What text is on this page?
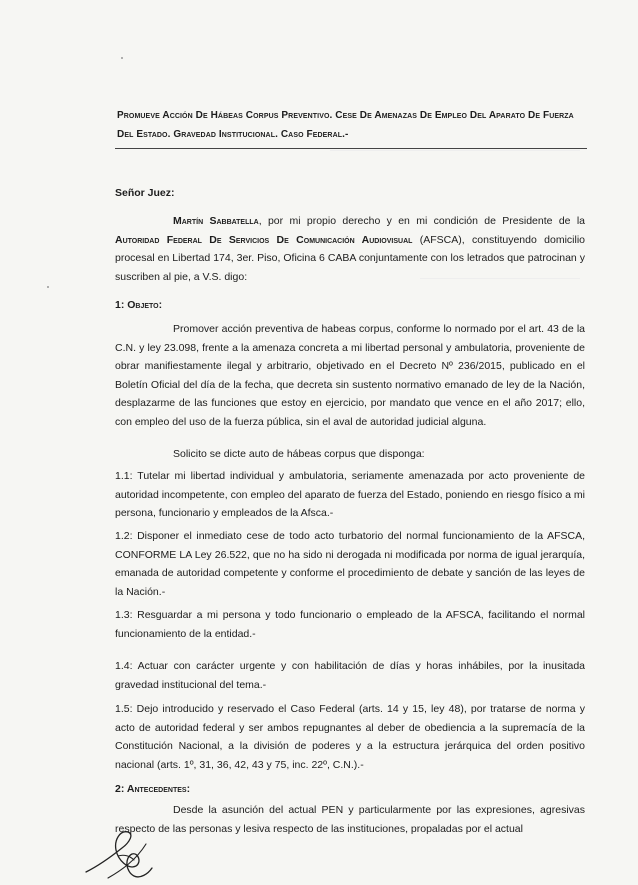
Promueve Acción De Hábeas Corpus Preventivo. Cese De Amenazas De Empleo Del Aparato De Fuerza Del Estado. Gravedad Institucional. Caso Federal.-
Señor Juez:
Martín Sabbatella, por mi propio derecho y en mi condición de Presidente de la Autoridad Federal De Servicios De Comunicación Audiovisual (AFSCA), constituyendo domicilio procesal en Libertad 174, 3er. Piso, Oficina 6 CABA conjuntamente con los letrados que patrocinan y suscriben al pie, a V.S. digo:
1: Objeto:
Promover acción preventiva de habeas corpus, conforme lo normado por el art. 43 de la C.N. y ley 23.098, frente a la amenaza concreta a mi libertad personal y ambulatoria, proveniente de obrar manifiestamente ilegal y arbitrario, objetivado en el Decreto Nº 236/2015, publicado en el Boletín Oficial del día de la fecha, que decreta sin sustento normativo emanado de ley de la Nación, desplazarme de las funciones que estoy en ejercicio, por mandato que vence en el año 2017; ello, con empleo del uso de la fuerza pública, sin el aval de autoridad judicial alguna.
Solicito se dicte auto de hábeas corpus que disponga:
1.1: Tutelar mi libertad individual y ambulatoria, seriamente amenazada por acto proveniente de autoridad incompetente, con empleo del aparato de fuerza del Estado, poniendo en riesgo físico a mi persona, funcionario y empleados de la Afsca.-
1.2: Disponer el inmediato cese de todo acto turbatorio del normal funcionamiento de la AFSCA, CONFORME LA Ley 26.522, que no ha sido ni derogada ni modificada por norma de igual jerarquía, emanada de autoridad competente y conforme el procedimiento de debate y sanción de las leyes de la Nación.-
1.3: Resguardar a mi persona y todo funcionario o empleado de la AFSCA, facilitando el normal funcionamiento de la entidad.-
1.4: Actuar con carácter urgente y con habilitación de días y horas inhábiles, por la inusitada gravedad institucional del tema.-
1.5: Dejo introducido y reservado el Caso Federal (arts. 14 y 15, ley 48), por tratarse de norma y acto de autoridad federal y ser ambos repugnantes al deber de obediencia a la supremacía de la Constitución Nacional, a la división de poderes y a la estructura jerárquica del orden positivo nacional (arts. 1º, 31, 36, 42, 43 y 75, inc. 22º, C.N.).-
2: Antecedentes:
Desde la asunción del actual PEN y particularmente por las expresiones, agresivas respecto de las personas y lesiva respecto de las instituciones, propaladas por el actual
